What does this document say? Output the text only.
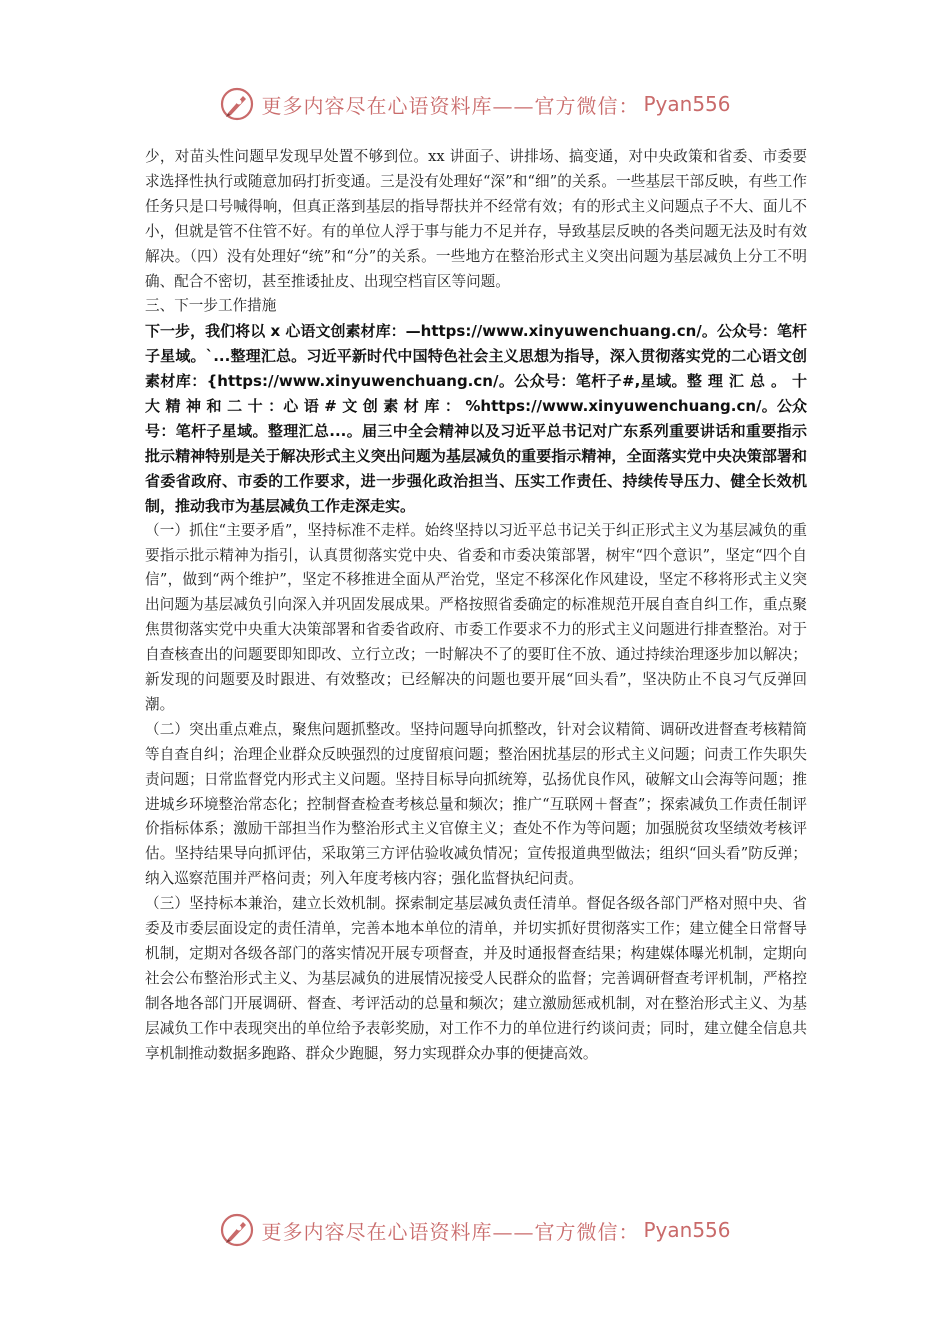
更多内容尽在心语资料库——官方微信： Pyan556

少，对苗头性问题早发现早处置不够到位。xx 讲面子、讲排场、搞变通，对中央政策和省委、市委要求选择性执行或随意加码打折变通。三是没有处理好“深”和“细”的关系。一些基层干部反映，有些工作任务只是口号喊得响，但真正落到基层的指导帮扶并不经常有效；有的形式主义问题点子不大、面儿不小，但就是管不住管不好。有的单位人浮于事与能力不足并存，导致基层反映的各类问题无法及时有效解决。（四）没有处理好“统”和“分”的关系。一些地方在整治形式主义突出问题为基层减负上分工不明确、配合不密切，甚至推诿扯皮、出现空档盲区等问题。

三、下一步工作措施

下一步，我们将以 x 心语文创素材库：—https://www.xinyuwenchuang.cn/。公众号：笔杆子星域。`...整理汇总。习近平新时代中国特色社会主义思想为指导，深入贯彻落实党的二心语文创素材库：{https://www.xinyuwenchuang.cn/。公众号：笔杆子#,星域。整 理 汇 总 。 十 大 精 神 和 二 十 ：心 语 # 文 创 素 材 库 ： %https://www.xinyuwenchuang.cn/。公众号：笔杆子星域。整理汇总...。届三中全会精神以及习近平总书记对广东系列重要讲话和重要指示批示精神特别是关于解决形式主义突出问题为基层减负的重要指示精神，全面落实党中央决策部署和省委省政府、市委的工作要求，进一步强化政治担当、压实工作责任、持续传导压力、健全长效机制，推动我市为基层减负工作走深走实。

（一）抓住“主要矛盾”，坚持标准不走样。始终坚持以习近平总书记关于纠正形式主义为基层减负的重要指示批示精神为指引，认真贯彻落实党中央、省委和市委决策部署，树牢“四个意识”，坚定“四个自信”，做到“两个维护”，坚定不移推进全面从严治党，坚定不移深化作风建设，坚定不移将形式主义突出问题为基层减负引向深入并巩固发展成果。严格按照省委确定的标准规范开展自查自纠工作，重点聚焦贯彻落实党中央重大决策部署和省委省政府、市委工作要求不力的形式主义问题进行排查整治。对于自查核查出的问题要即知即改、立行立改；一时解决不了的要盯住不放、通过持续治理逐步加以解决；新发现的问题要及时跟进、有效整改；已经解决的问题也要开展“回头看”，坚决防止不良习气反弹回潮。

（二）突出重点难点，聚焦问题抓整改。坚持问题导向抓整改，针对会议精简、调研改进督查考核精简等自查自纠；治理企业群众反映强烈的过度留痕问题；整治困扰基层的形式主义问题；问责工作失职失责问题；日常监督党内形式主义问题。坚持目标导向抓统筹，弘扬优良作风，破解文山会海等问题；推进城乡环境整治常态化；控制督查检查考核总量和频次；推广“互联网＋督查”；探索减负工作责任制评价指标体系；激励干部担当作为整治形式主义官僚主义；查处不作为等问题；加强脱贫攻坚绩效考核评估。坚持结果导向抓评估，采取第三方评估验收减负情况；宣传报道典型做法；组织“回头看”防反弹；纳入巡察范围并严格问责；列入年度考核内容；强化监督执纪问责。

（三）坚持标本兼治，建立长效机制。探索制定基层减负责任清单。督促各级各部门严格对照中央、省委及市委层面设定的责任清单，完善本地本单位的清单，并切实抓好贯彻落实工作；建立健全日常督导机制，定期对各级各部门的落实情况开展专项督查，并及时通报督查结果；构建媒体曝光机制，定期向社会公布整治形式主义、为基层减负的进展情况接受人民群众的监督；完善调研督查考评机制，严格控制各地各部门开展调研、督查、考评活动的总量和频次；建立激励惩戒机制，对在整治形式主义、为基层减负工作中表现突出的单位给予表彰奖励，对工作不力的单位进行约谈问责；同时，建立健全信息共享机制推动数据多跑路、群众少跑腿，努力实现群众办事的便捷高效。

更多内容尽在心语资料库——官方微信： Pyan556
